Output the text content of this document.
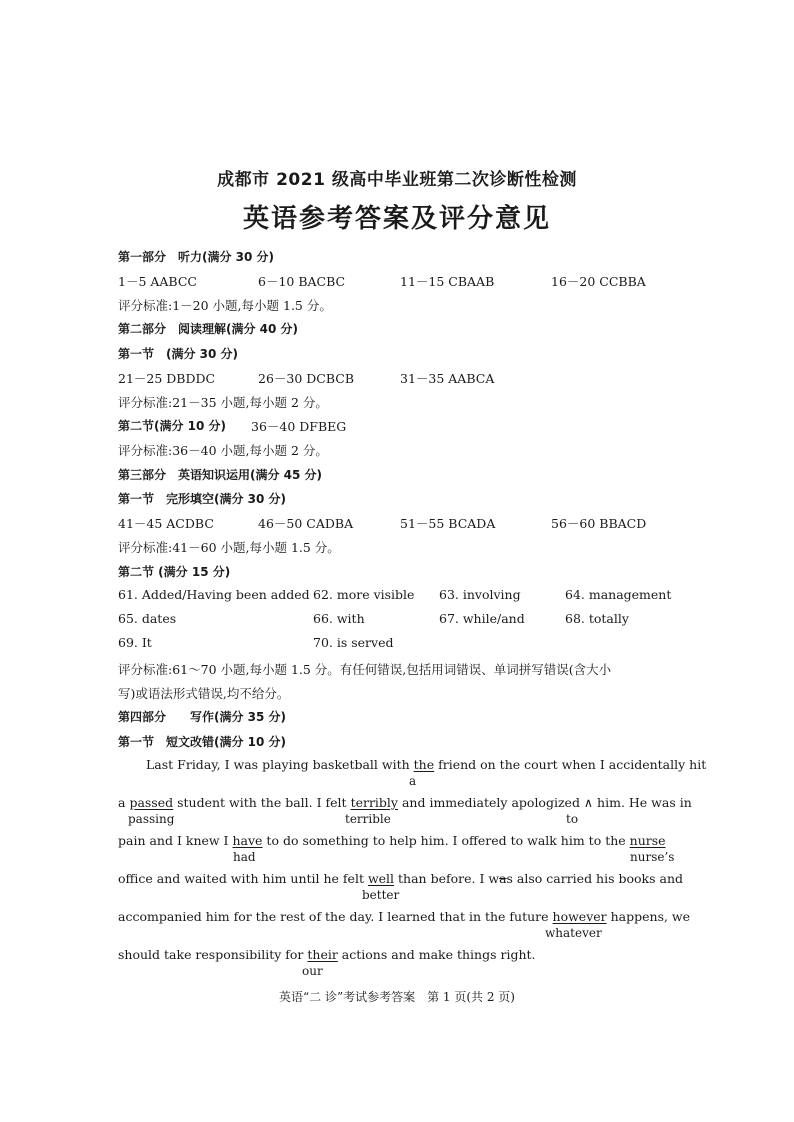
成都市 2021 级高中毕业班第二次诊断性检测
英语参考答案及评分意见
第一部分　听力(满分 30 分)
1－5 AABCC	6－10 BACBC	11－15 CBAAB	16－20 CCBBA
评分标准:1－20 小题,每小题 1.5 分。
第二部分　阅读理解(满分 40 分)
第一节　(满分 30 分)
21－25 DBDDC	26－30 DCBCB	31－35 AABCA
评分标准:21－35 小题,每小题 2 分。
第二节(满分 10 分) 36－40 DFBEG
评分标准:36－40 小题,每小题 2 分。
第三部分　英语知识运用(满分 45 分)
第一节　完形填空(满分 30 分)
41－45 ACDBC	46－50 CADBA	51－55 BCADA	56－60 BBACD
评分标准:41－60 小题,每小题 1.5 分。
第二节 (满分 15 分)
61. Added/Having been added 62. more visible 63. involving	64. management
65. dates	66. with	67. while/and	68. totally
69. It	70. is served
评分标准:61～70 小题,每小题 1.5 分。有任何错误,包括用词错误、单词拼写错误(含大小
写)或语法形式错误,均不给分。
第四部分　　写作(满分 35 分)
第一节　短文改错(满分 10 分)
Last Friday, I was playing basketball with the friend on the court when I accidentally hit
a
a passed student with the ball. I felt terribly and immediately apologized ∧ him. He was in
passing	terrible	to
pain and I knew I have to do something to help him. I offered to walk him to the nurse
had	nurse’s
office and waited with him until he felt well than before. I was also carried his books and
better
accompanied him for the rest of the day. I learned that in the future however happens, we
whatever
should take responsibility for their actions and make things right.
our
英语“二 诊”考试参考答案　第 1 页(共 2 页)
